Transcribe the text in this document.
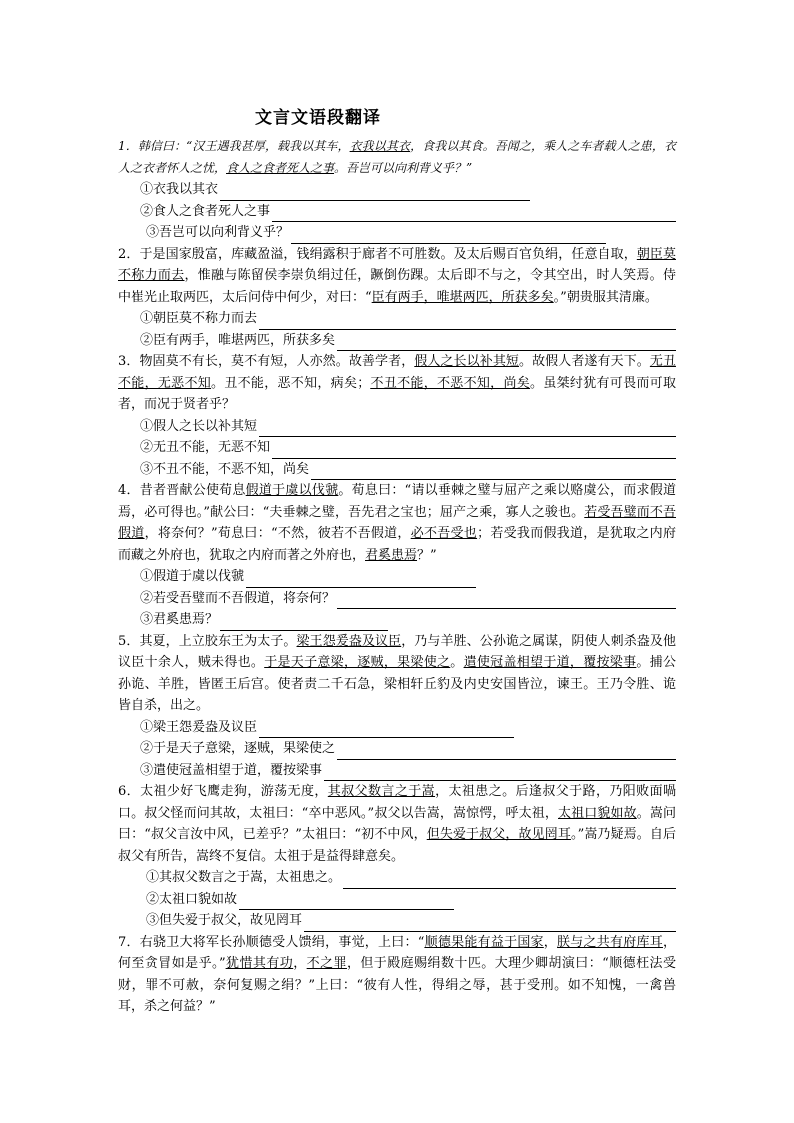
文言文语段翻译

1．韩信曰：“汉王遇我甚厚，载我以其车，衣我以其衣，食我以其食。吾闻之，乘人之车者载人之患，衣人之衣者怀人之忧，食人之食者死人之事。吾岂可以向利背义乎？”

①衣我以其衣
②食人之食者死人之事
③吾岂可以向利背义乎？

2．于是国家殷富，库藏盈溢，钱绢露积于廊者不可胜数。及太后赐百官负绢，任意自取，朝臣莫不称力而去，惟融与陈留侯李崇负绢过任，蹶倒伤踝。太后即不与之，令其空出，时人笑焉。侍中崔光止取两匹，太后问侍中何少，对曰：“臣有两手，唯堪两匹，所获多矣。”朝贵服其清廉。

①朝臣莫不称力而去
②臣有两手，唯堪两匹，所获多矣

3．物固莫不有长，莫不有短，人亦然。故善学者，假人之长以补其短。故假人者遂有天下。无丑不能，无恶不知。丑不能，恶不知，病矣；不丑不能，不恶不知，尚矣。虽桀纣犹有可畏而可取者，而况于贤者乎？

①假人之长以补其短
②无丑不能，无恶不知
③不丑不能，不恶不知，尚矣

4．昔者晋献公使荀息假道于虞以伐虢。荀息曰：“请以垂棘之璧与屈产之乘以赂虞公，而求假道焉，必可得也。”献公曰：“夫垂棘之璧，吾先君之宝也；屈产之乘，寡人之骏也。若受吾璧而不吾假道，将奈何？”荀息曰：“不然，彼若不吾假道，必不吾受也；若受我而假我道，是犹取之内府而藏之外府也，犹取之内府而著之外府也，君奚患焉？”

①假道于虞以伐虢
②若受吾璧而不吾假道，将奈何？
③君奚患焉？

5．其夏，上立胶东王为太子。梁王怨爰盎及议臣，乃与羊胜、公孙诡之属谋，阴使人刺杀盎及他议臣十余人，贼未得也。于是天子意梁，逐贼，果梁使之。遣使冠盖相望于道，覆按梁事。捕公孙诡、羊胜，皆匿王后宫。使者责二千石急，梁相轩丘豹及内史安国皆泣，谏王。王乃令胜、诡皆自杀，出之。

①梁王怨爰盎及议臣
②于是天子意梁，逐贼，果梁使之
③遣使冠盖相望于道，覆按梁事

6．太祖少好飞鹰走狗，游荡无度，其叔父数言之于嵩，太祖患之。后逢叔父于路，乃阳败面喎口。叔父怪而问其故，太祖曰：“卒中恶风。”叔父以告嵩，嵩惊愕，呼太祖，太祖口貌如故。嵩问曰：“叔父言汝中风，已差乎？”太祖曰：“初不中风，但失爱于叔父，故见罔耳。”嵩乃疑焉。自后叔父有所告，嵩终不复信。太祖于是益得肆意矣。

①其叔父数言之于嵩，太祖患之。
②太祖口貌如故
③但失爱于叔父，故见罔耳

7．右骁卫大将军长孙顺德受人馈绢，事觉，上曰：“顺德果能有益于国家，朕与之共有府库耳，何至贪冒如是乎。”犹惜其有功，不之罪，但于殿庭赐绢数十匹。大理少卿胡演曰：“顺德枉法受财，罪不可赦，奈何复赐之绢？”上曰：“彼有人性，得绢之辱，甚于受刑。如不知愧，一禽兽耳，杀之何益？”
